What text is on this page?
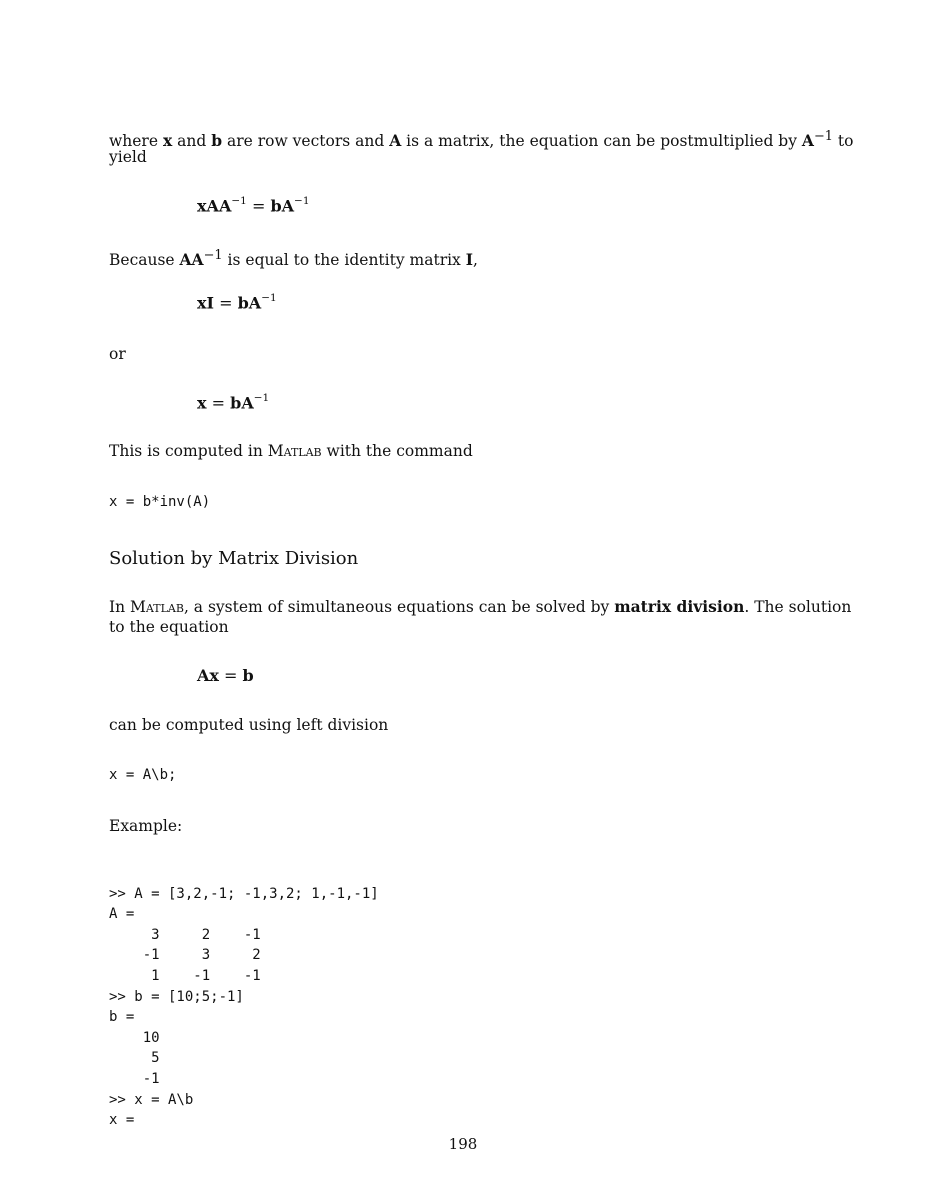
where x and b are row vectors and A is a matrix, the equation can be postmultiplied by $A^{-1}$ to
yield
$xAA^{-1} = bA^{-1}$
Because $AA^{-1}$ is equal to the identity matrix I,
xI = $bA^{-1}$
or
$x = bA^{-1}$
This is computed in Matlab with the command
x = b*inv(A)
Solution by Matrix Division
In Matlab, a system of simultaneous equations can be solved by matrix division. The solution
to the equation
Ax = b
can be computed using left division
x = A\b;
Example:

>> A = [3,2,-1; -1,3,2; 1,-1,-1]
A =
3     2    -1
-1     3     2
1    -1    -1
>> b = [10;5;-1]
b =
10
5
-1
>> x = A\b
x =

198
